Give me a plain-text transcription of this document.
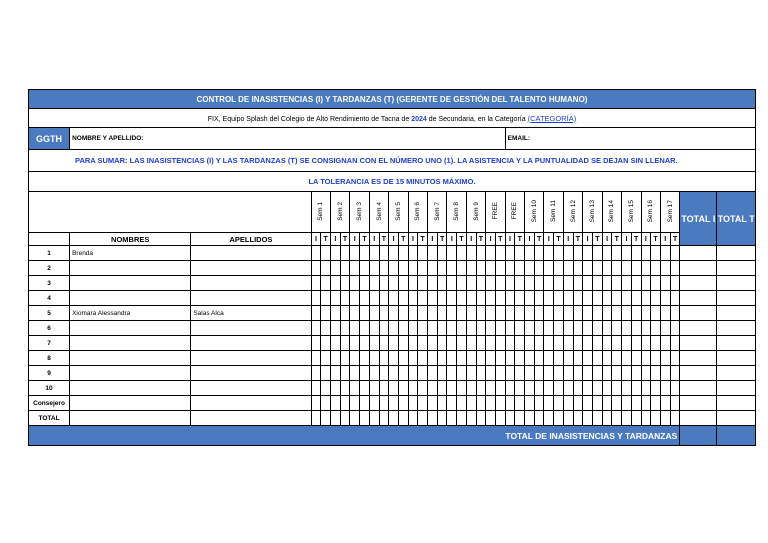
CONTROL DE INASISTENCIAS (I) Y TARDANZAS (T) (GERENTE DE GESTIÓN DEL TALENTO HUMANO)																																										
FIX, Equipo Splash del Colegio de Alto Rendimiento de Tacna de 2024 de Secundaria, en la Categoría (CATEGORÍA)																																										
GGTH	NOMBRE Y APELLIDO:																						EMAIL:																			
PARA SUMAR: LAS INASISTENCIAS (I) Y LAS TARDANZAS (T) SE CONSIGNAN CON EL NÚMERO UNO (1). LA ASISTENCIA Y LA PUNTUALIDAD SE DEJAN SIN LLENAR.																																										
LA TOLERANCIA ES DE 15 MINUTOS MÁXIMO.																																										
			Sem 1		Sem 2		Sem 3		Sem 4		Sem 5		Sem 6		Sem 7		Sem 8		Sem 9		FREE		FREE		Sem 10		Sem 11		Sem 12		Sem 13		Sem 14		Sem 15		Sem 16		Sem 17		TOTAL I	TOTAL T
	NOMBRES	APELLIDOS	I	T	I	T	I	T	I	T	I	T	I	T	I	T	I	T	I	T	I	T	I	T	I	T	I	T	I	T	I	T	I	T	I	T	I	T	I	T		
1	Brenda																																									
2																																										
3																																										
4																																										
5	Xiomara Alessandra	Salas Alca																																								
6																																										
7																																										
8																																										
9																																										
10																																										
Consejero																																										
TOTAL																																										
TOTAL DE INASISTENCIAS Y TARDANZAS																																										
